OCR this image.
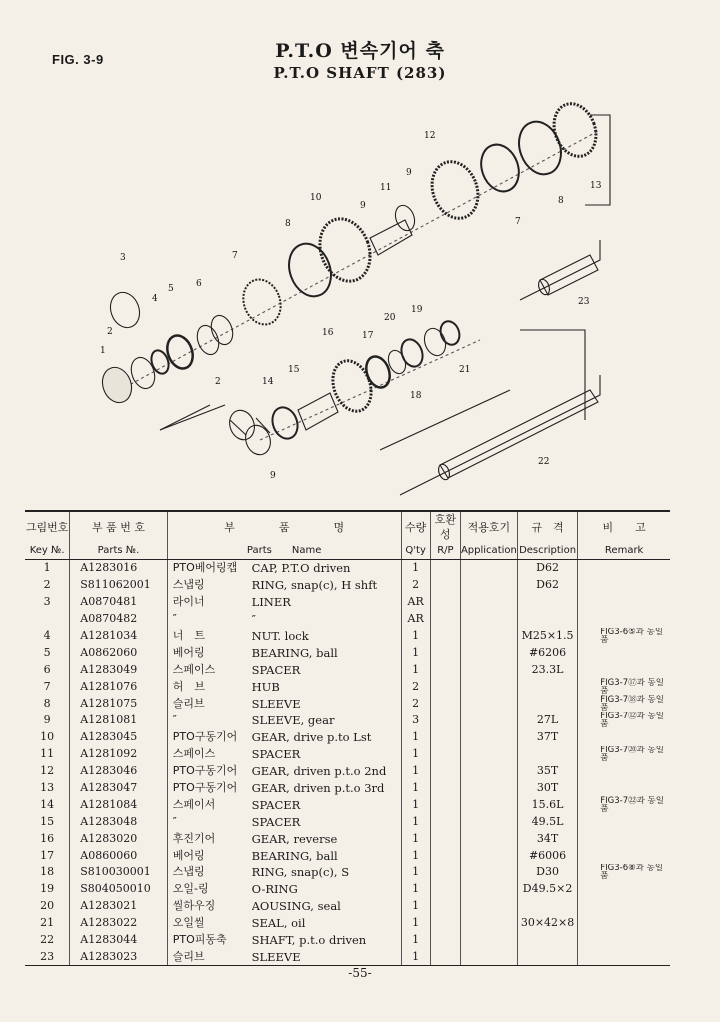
FIG. 3-9	P.T.O 변속기어 축
P.T.O SHAFT (283)
1
2
2
3
4
5 6
7
7
8
8
9
9
9
10
11
12
13
14
15
16	17
18
19
20
21
22
23
그림번호	부 품 번 호	부　　　　품　　　　명		수량	호환성	적용호기	규　격	비　　고
Key №.	Parts №.	Parts　　Name		Q'ty	R/P	Application	Description	Remark
1	A1283016	PTO베어링캡	CAP, P.T.O driven	1			D62	
2	S811062001	스냅링	RING, snap(c), H shft	2			D62	
3	A0870481	라이너	LINER	AR				
	A0870482	″	″	AR				
4	A1281034	너　트	NUT. lock	1			M25×1.5	FIG3-6⑤과 동일품
5	A0862060	베어링	BEARING, ball	1			#6206	
6	A1283049	스페이스	SPACER	1			23.3L	
7	A1281076	허　브	HUB	2				FIG3-7⑰과 동일품
8	A1281075	슬리브	SLEEVE	2				FIG3-7⑱과 동일품
9	A1281081	″	SLEEVE, gear	3			27L	FIG3-7⑫과 동일품
10	A1283045	PTO구동기어	GEAR, drive p.to Lst	1			37T	
11	A1281092	스페이스	SPACER	1				FIG3-7⑳과 동일품
12	A1283046	PTO구동기어	GEAR, driven p.t.o 2nd	1			35T	
13	A1283047	PTO구동기어	GEAR, driven p.t.o 3rd	1			30T	
14	A1281084	스페이서	SPACER	1			15.6L	FIG3-7㉒과 동일품
15	A1283048	″	SPACER	1			49.5L	
16	A1283020	후진기어	GEAR, reverse	1			34T	
17	A0860060	베어링	BEARING, ball	1			#6006	
18	S810030001	스냅링	RING, snap(c), S	1			D30	FIG3-6⑧과 동일품
19	S804050010	오일-링	O-RING	1			D49.5×2	
20	A1283021	씰하우징	AOUSING, seal	1				
21	A1283022	오일씰	SEAL, oil	1			30×42×8	
22	A1283044	PTO피동축	SHAFT, p.t.o driven	1				
23	A1283023	슬리브	SLEEVE	1				
-55-
